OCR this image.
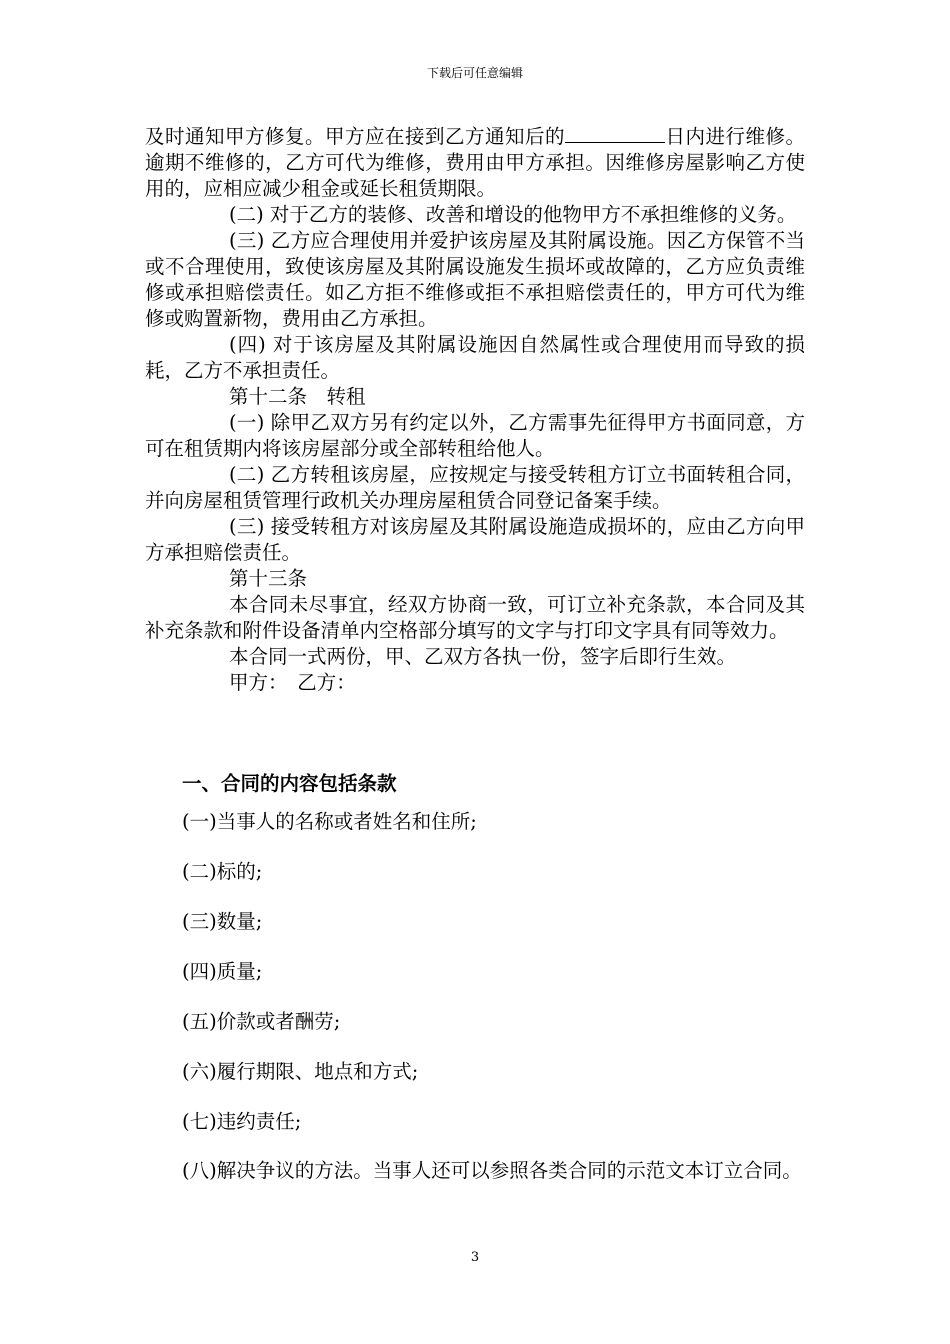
下载后可任意编辑

及时通知甲方修复。甲方应在接到乙方通知后的	日内进行维修。逾期不维修的，乙方可代为维修，费用由甲方承担。因维修房屋影响乙方使用的，应相应减少租金或延长租赁期限。

(二) 对于乙方的装修、改善和增设的他物甲方不承担维修的义务。

(三) 乙方应合理使用并爱护该房屋及其附属设施。因乙方保管不当或不合理使用，致使该房屋及其附属设施发生损坏或故障的，乙方应负责维修或承担赔偿责任。如乙方拒不维修或拒不承担赔偿责任的，甲方可代为维修或购置新物，费用由乙方承担。

(四) 对于该房屋及其附属设施因自然属性或合理使用而导致的损耗，乙方不承担责任。

第十二条　转租

(一) 除甲乙双方另有约定以外，乙方需事先征得甲方书面同意，方可在租赁期内将该房屋部分或全部转租给他人。

(二) 乙方转租该房屋，应按规定与接受转租方订立书面转租合同，并向房屋租赁管理行政机关办理房屋租赁合同登记备案手续。

(三) 接受转租方对该房屋及其附属设施造成损坏的，应由乙方向甲方承担赔偿责任。

第十三条

本合同未尽事宜，经双方协商一致，可订立补充条款，本合同及其补充条款和附件设备清单内空格部分填写的文字与打印文字具有同等效力。

本合同一式两份，甲、乙双方各执一份，签字后即行生效。

甲方：　乙方：

一、合同的内容包括条款

(一)当事人的名称或者姓名和住所;

(二)标的;

(三)数量;

(四)质量;

(五)价款或者酬劳;

(六)履行期限、地点和方式;

(七)违约责任;

(八)解决争议的方法。当事人还可以参照各类合同的示范文本订立合同。

3
